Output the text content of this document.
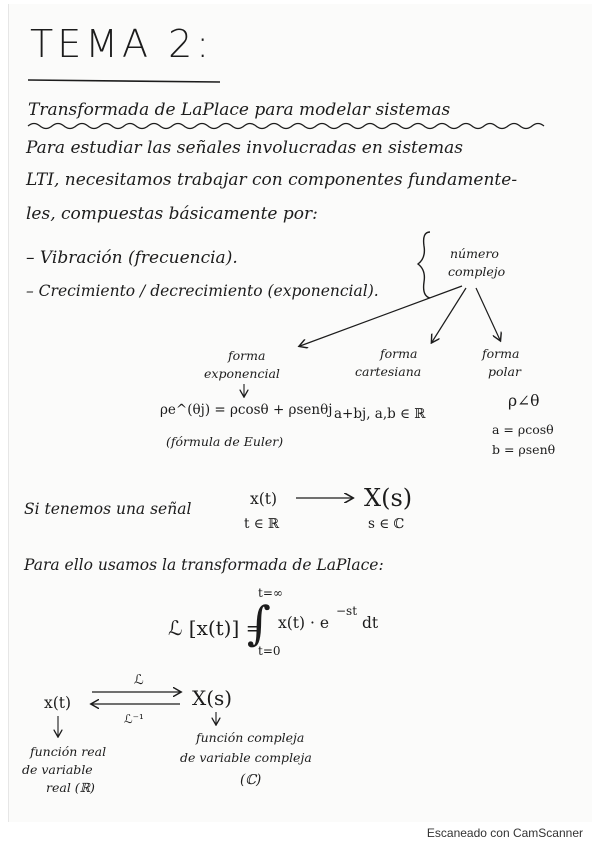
TEMA 2:
Transformada de LaPlace para modelar sistemas
Para estudiar las señales involucradas en sistemas
LTI, necesitamos trabajar con componentes fundamente-
les, compuestas básicamente por:
– Vibración (frecuencia).
– Crecimiento / decrecimiento (exponencial).
número
complejo
forma
exponencial
ρe^(θj) = ρcosθ + ρsenθj
(fórmula de Euler)
forma
cartesiana
a+bj, a,b ∈ ℝ
forma
polar
ρ∠θ
a = ρcosθ
b = ρsenθ
Si tenemos una señal
x(t)
t ∈ ℝ
X(s)
s ∈ ℂ
Para ello usamos la transformada de LaPlace:
ℒ [x(t)] =
t=∞
t=0
∫ x(t) · e
−st
dt
x(t)	X(s)
ℒ
ℒ⁻¹
función real
de variable
real (ℝ)
función compleja
de variable compleja
(ℂ)
Escaneado con CamScanner
